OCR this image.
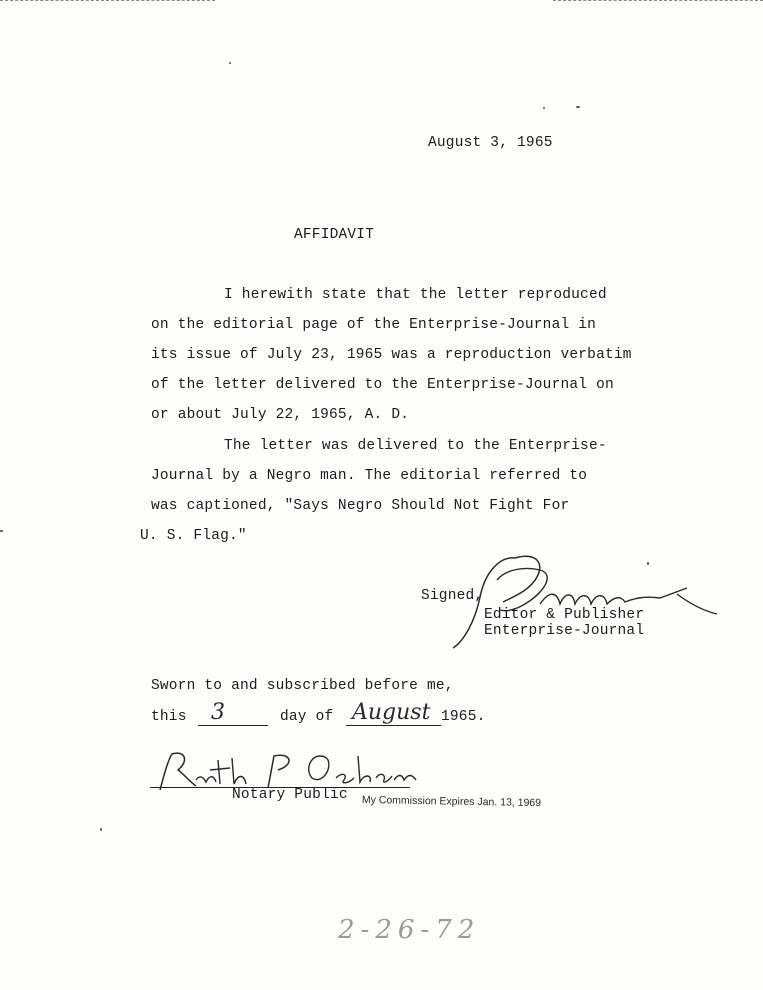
August 3, 1965
AFFIDAVIT
I herewith state that the letter reproduced
on the editorial page of the Enterprise-Journal in
its issue of July 23, 1965 was a reproduction verbatim
of the letter delivered to the Enterprise-Journal on
or about July 22, 1965, A. D.
The letter was delivered to the Enterprise-
Journal by a Negro man. The editorial referred to
was captioned, "Says Negro Should Not Fight For
U. S. Flag."
Signed,
Editor & Publisher
Enterprise-Journal
Sworn to and subscribed before me,
this 3	day of August 1965.
Notary Public My Commission Expires Jan. 13, 1969
2-26-72
